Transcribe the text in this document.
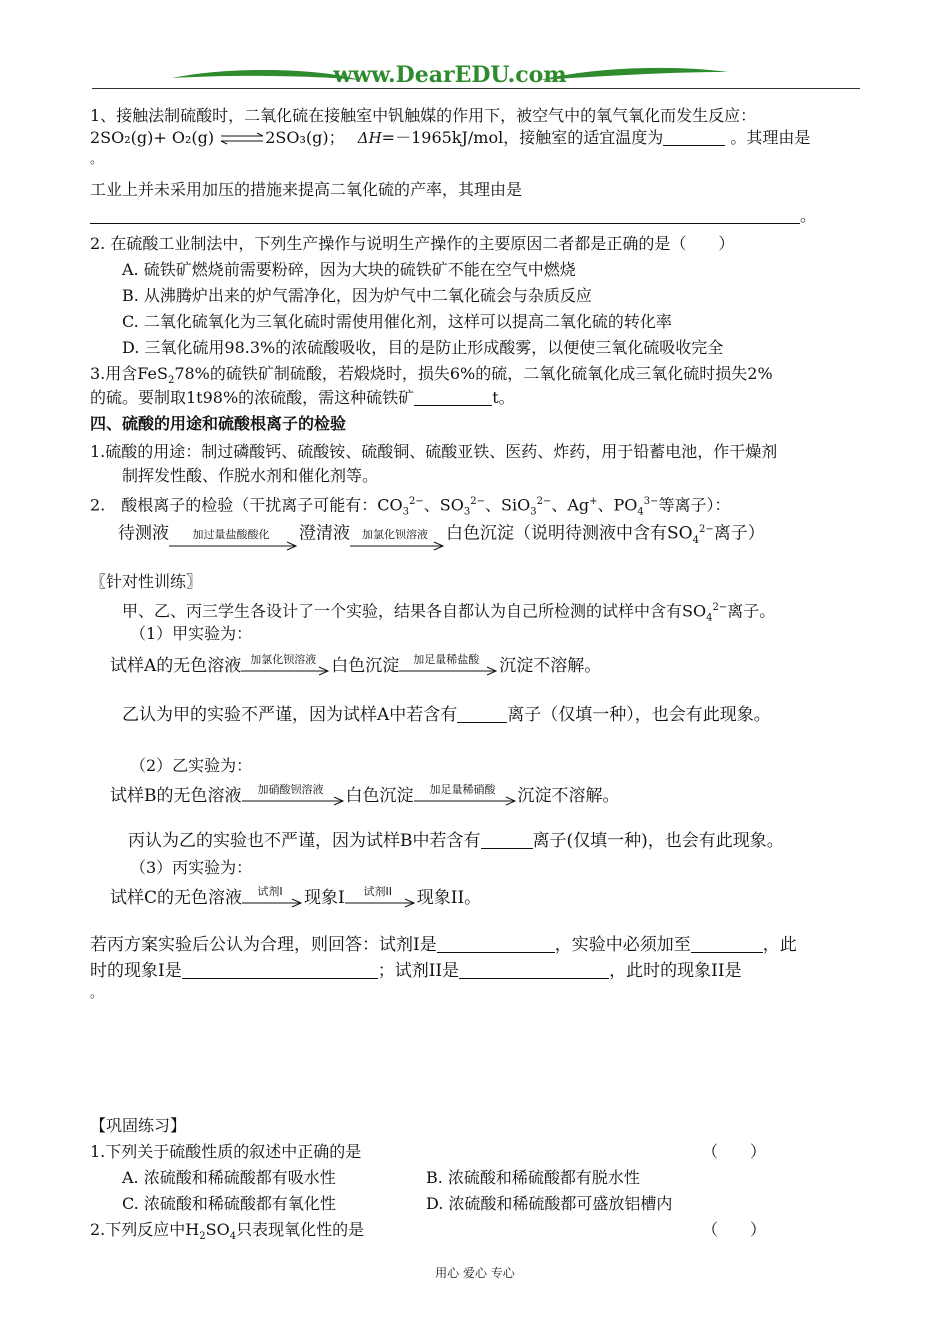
www.DearEDU.com
1、接触法制硫酸时，二氧化硫在接触室中钒触媒的作用下，被空气中的氧气氧化而发生反应：
2SO₂(g)+ O₂(g) ⇌2SO₃(g)； ΔH=－1965kJ/mol，接触室的适宜温度为	。其理由是
。
工业上并未采用加压的措施来提高二氧化硫的产率，其理由是
。
2. 在硫酸工业制法中，下列生产操作与说明生产操作的主要原因二者都是正确的是（　　）
A. 硫铁矿燃烧前需要粉碎，因为大块的硫铁矿不能在空气中燃烧
B. 从沸腾炉出来的炉气需净化，因为炉气中二氧化硫会与杂质反应
C. 二氧化硫氧化为三氧化硫时需使用催化剂，这样可以提高二氧化硫的转化率
D. 三氧化硫用98.3%的浓硫酸吸收，目的是防止形成酸雾，以便使三氧化硫吸收完全
3.用含FeS$_2$78%的硫铁矿制硫酸，若煅烧时，损失6%的硫，二氧化硫氧化成三氧化硫时损失2%
的硫。要制取1t98%的浓硫酸，需这种硫铁矿	t。
四、硫酸的用途和硫酸根离子的检验
1.硫酸的用途：制过磷酸钙、硫酸铵、硫酸铜、硫酸亚铁、医药、炸药，用于铅蓄电池，作干燥剂
制挥发性酸、作脱水剂和催化剂等。
2.　酸根离子的检验（干扰离子可能有：$CO_3^{2-}$、$SO_3^{2-}$、SiO$_3^{2-}$、Ag+、$PO_4^{3-}$等离子）：
待测液	加过量盐酸酸化	澄清液	加氯化钡溶液	白色沉淀（说明待测液中含有$SO_4^{2-}$离子）
〖针对性训练〗
甲、乙、丙三学生各设计了一个实验，结果各自都认为自己所检测的试样中含有$SO_4^{2-}$离子。
（1）甲实验为：
试样A的无色溶液 加氯化钡溶液 白色沉淀	加足量稀盐酸	沉淀不溶解。
乙认为甲的实验不严谨，因为试样A中若含有	离子（仅填一种），也会有此现象。
（2）乙实验为：
试样B的无色溶液	加硝酸钡溶液	白色沉淀	加足量稀硝酸	沉淀不溶解。
丙认为乙的实验也不严谨，因为试样B中若含有	离子(仅填一种)，也会有此现象。
（3）丙实验为：
试样C的无色溶液	试剂I	现象I	试剂II	现象II。
若丙方案实验后公认为合理，则回答：试剂I是	，实验中必须加至	，此
时的现象I是	；试剂II是	，此时的现象II是
。
【巩固练习】
1.下列关于硫酸性质的叙述中正确的是	（　　）
A. 浓硫酸和稀硫酸都有吸水性	B. 浓硫酸和稀硫酸都有脱水性
C. 浓硫酸和稀硫酸都有氧化性	D. 浓硫酸和稀硫酸都可盛放铝槽内
2.下列反应中$H_2SO_4$只表现氧化性的是	（　　）
用心 爱心 专心
